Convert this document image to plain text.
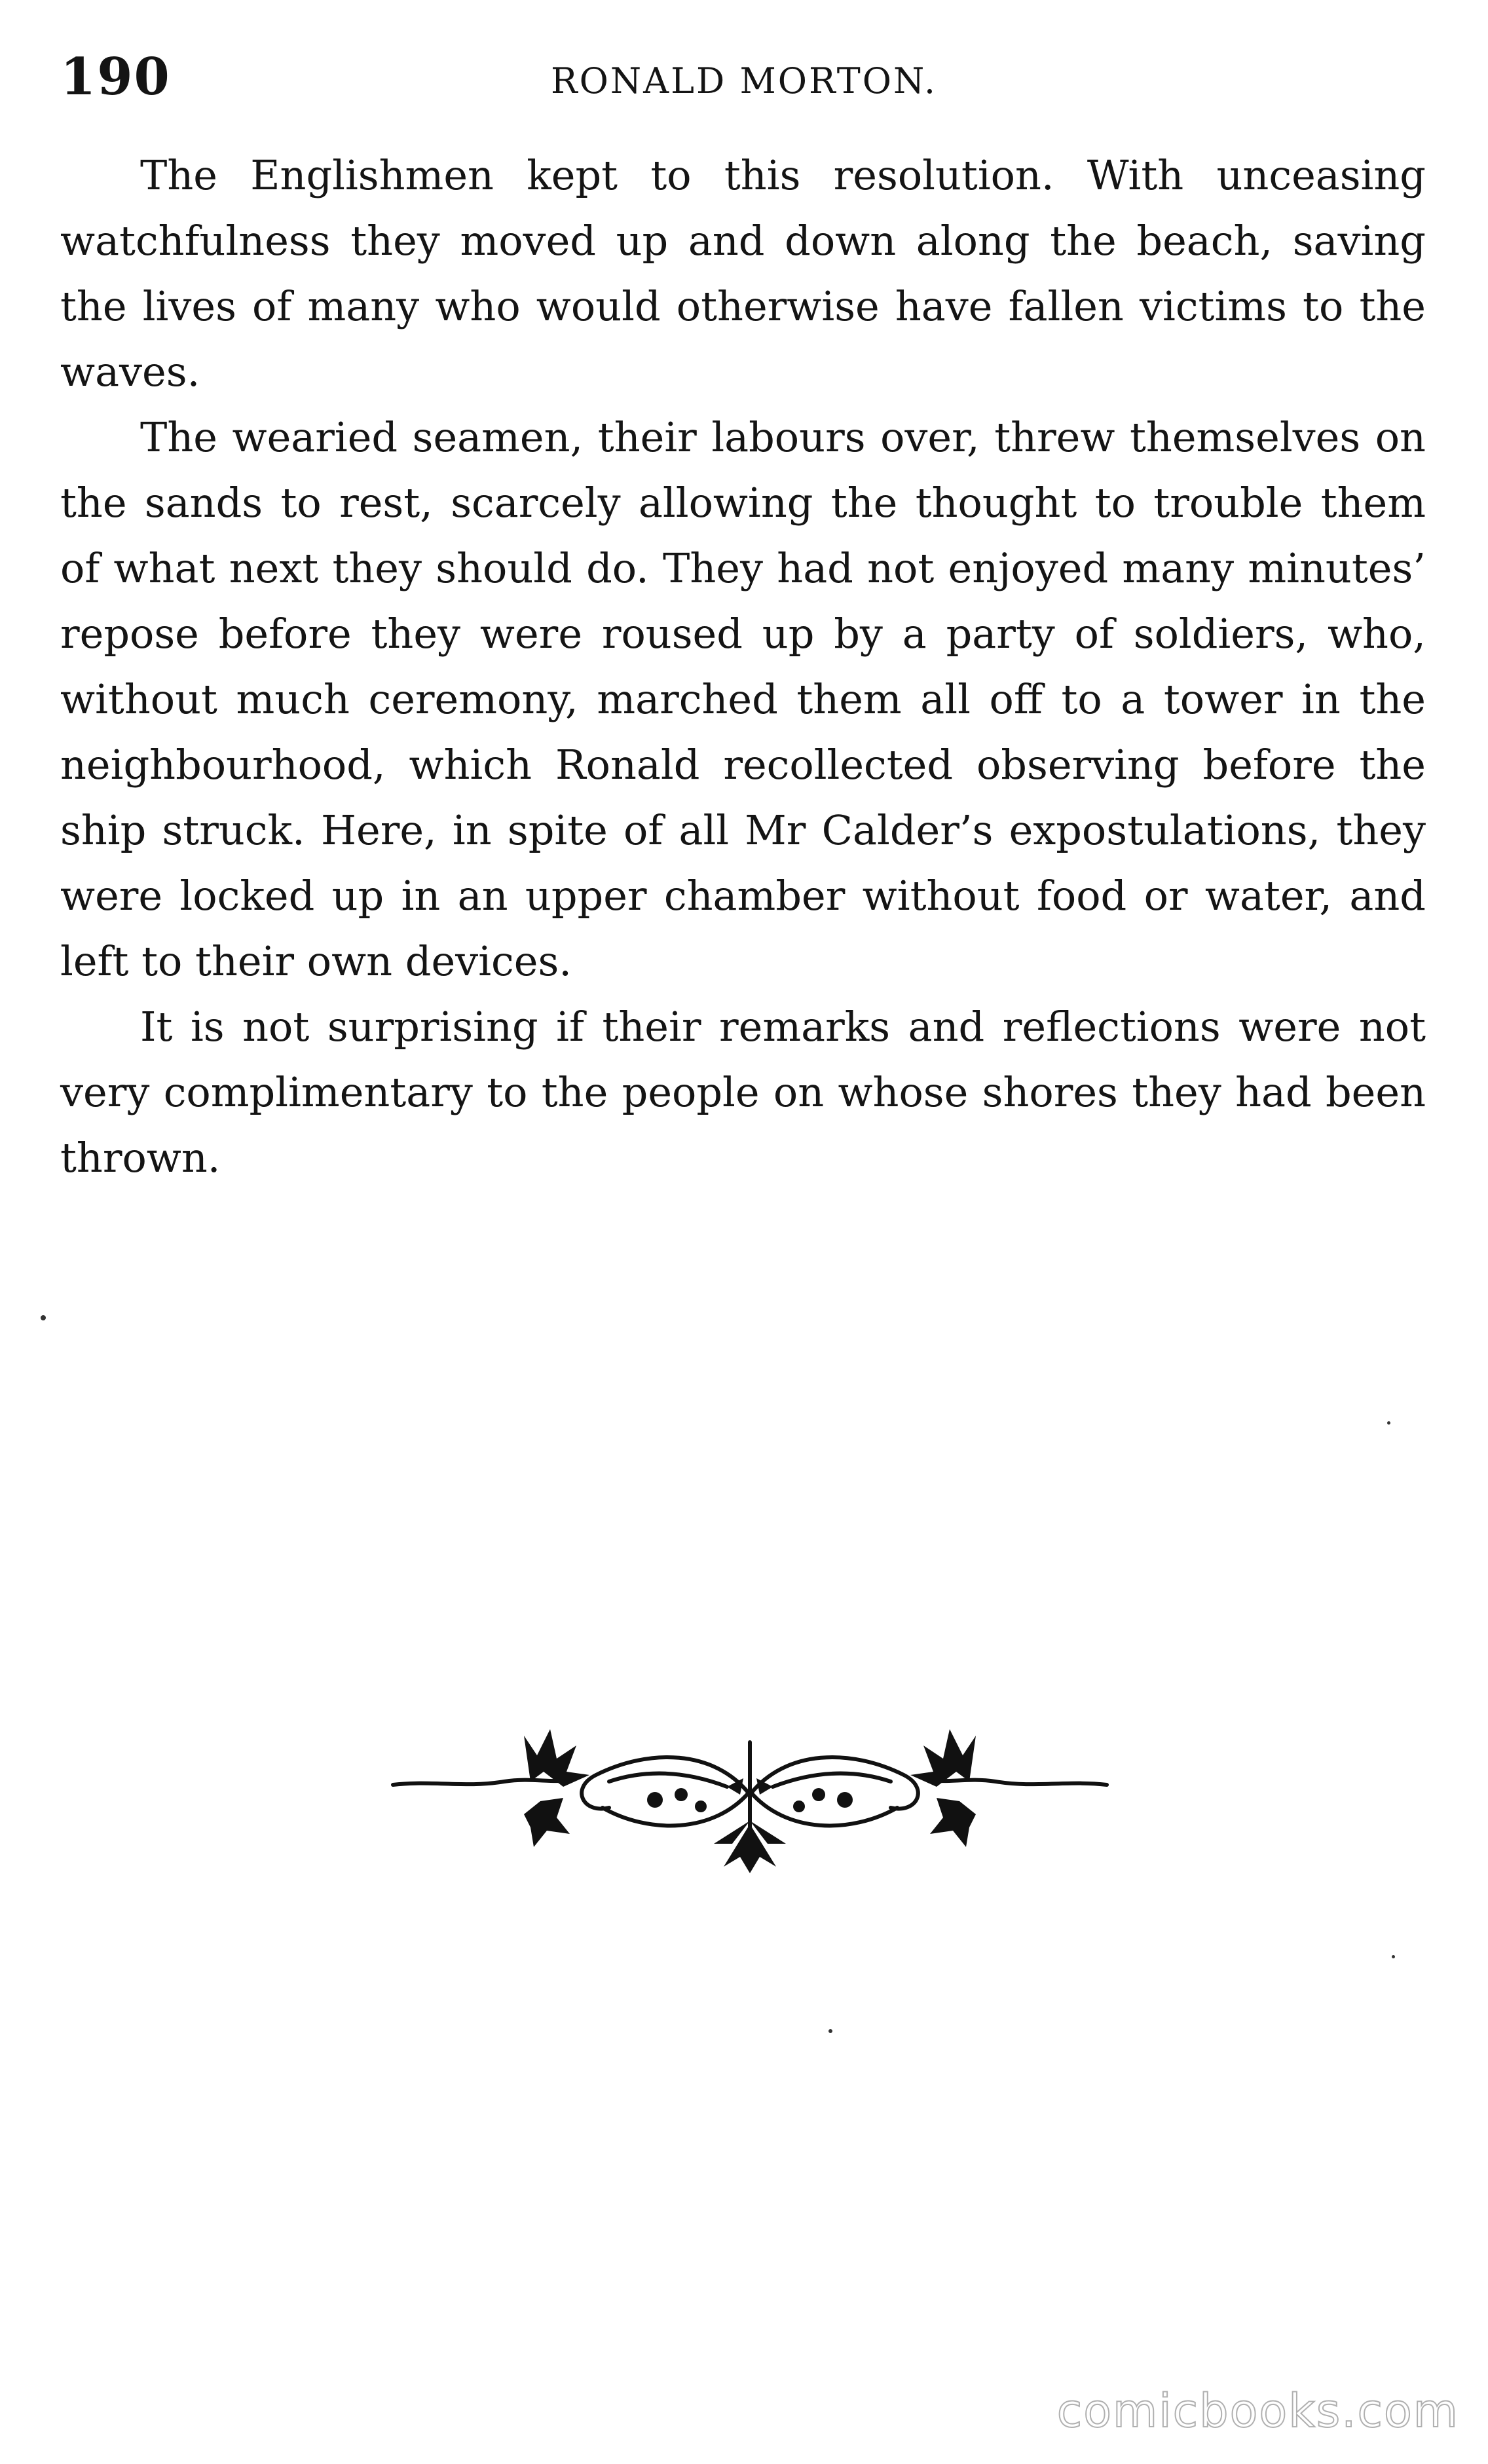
190	RONALD MORTON.

The Englishmen kept to this resolution. With unceasing watchfulness they moved up and down along the beach, saving the lives of many who would otherwise have fallen victims to the waves.

The wearied seamen, their labours over, threw themselves on the sands to rest, scarcely allowing the thought to trouble them of what next they should do. They had not enjoyed many minutes’ repose before they were roused up by a party of soldiers, who, without much ceremony, marched them all off to a tower in the neighbourhood, which Ronald recollected observing before the ship struck. Here, in spite of all Mr Calder’s expostulations, they were locked up in an upper chamber without food or water, and left to their own devices.

It is not surprising if their remarks and reflections were not very complimentary to the people on whose shores they had been thrown.

comicbooks.com
